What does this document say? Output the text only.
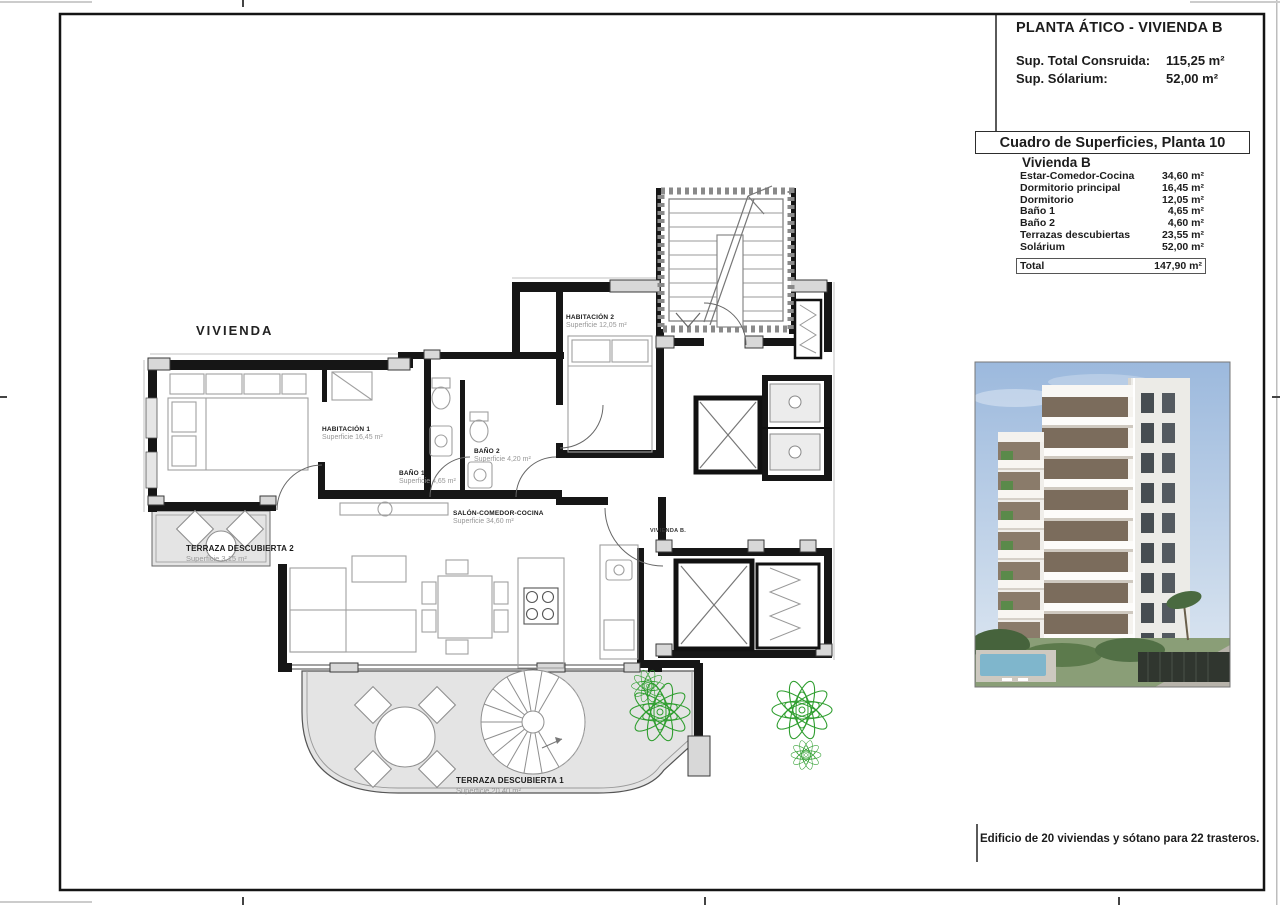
VIVIENDA
HABITACIÓN 1
Superficie 16,45 m²
HABITACIÓN 2
Superficie 12,05 m²
BAÑO 1
Superficie 4,65 m²
BAÑO 2
Superficie 4,20 m²
SALÓN-COMEDOR-COCINA
Superficie 34,60 m²
TERRAZA DESCUBIERTA 2
Superficie 3,15 m²
TERRAZA DESCUBIERTA 1
Superficie 20,40 m²
VIVIENDA B.
PLANTA ÁTICO - VIVIENDA B
Sup. Total Consruida:	115,25 m²
Sup. Sólarium:	52,00 m²
Cuadro de Superficies, Planta 10
Vivienda B
Estar-Comedor-Cocina	34,60 m²
Dormitorio principal	16,45 m²
Dormitorio	12,05 m²
Baño 1	4,65 m²
Baño 2	4,60 m²
Terrazas descubiertas	23,55 m²
Solárium	52,00 m²
Total	147,90 m²
Edificio de 20 viviendas y sótano para 22 trasteros.
